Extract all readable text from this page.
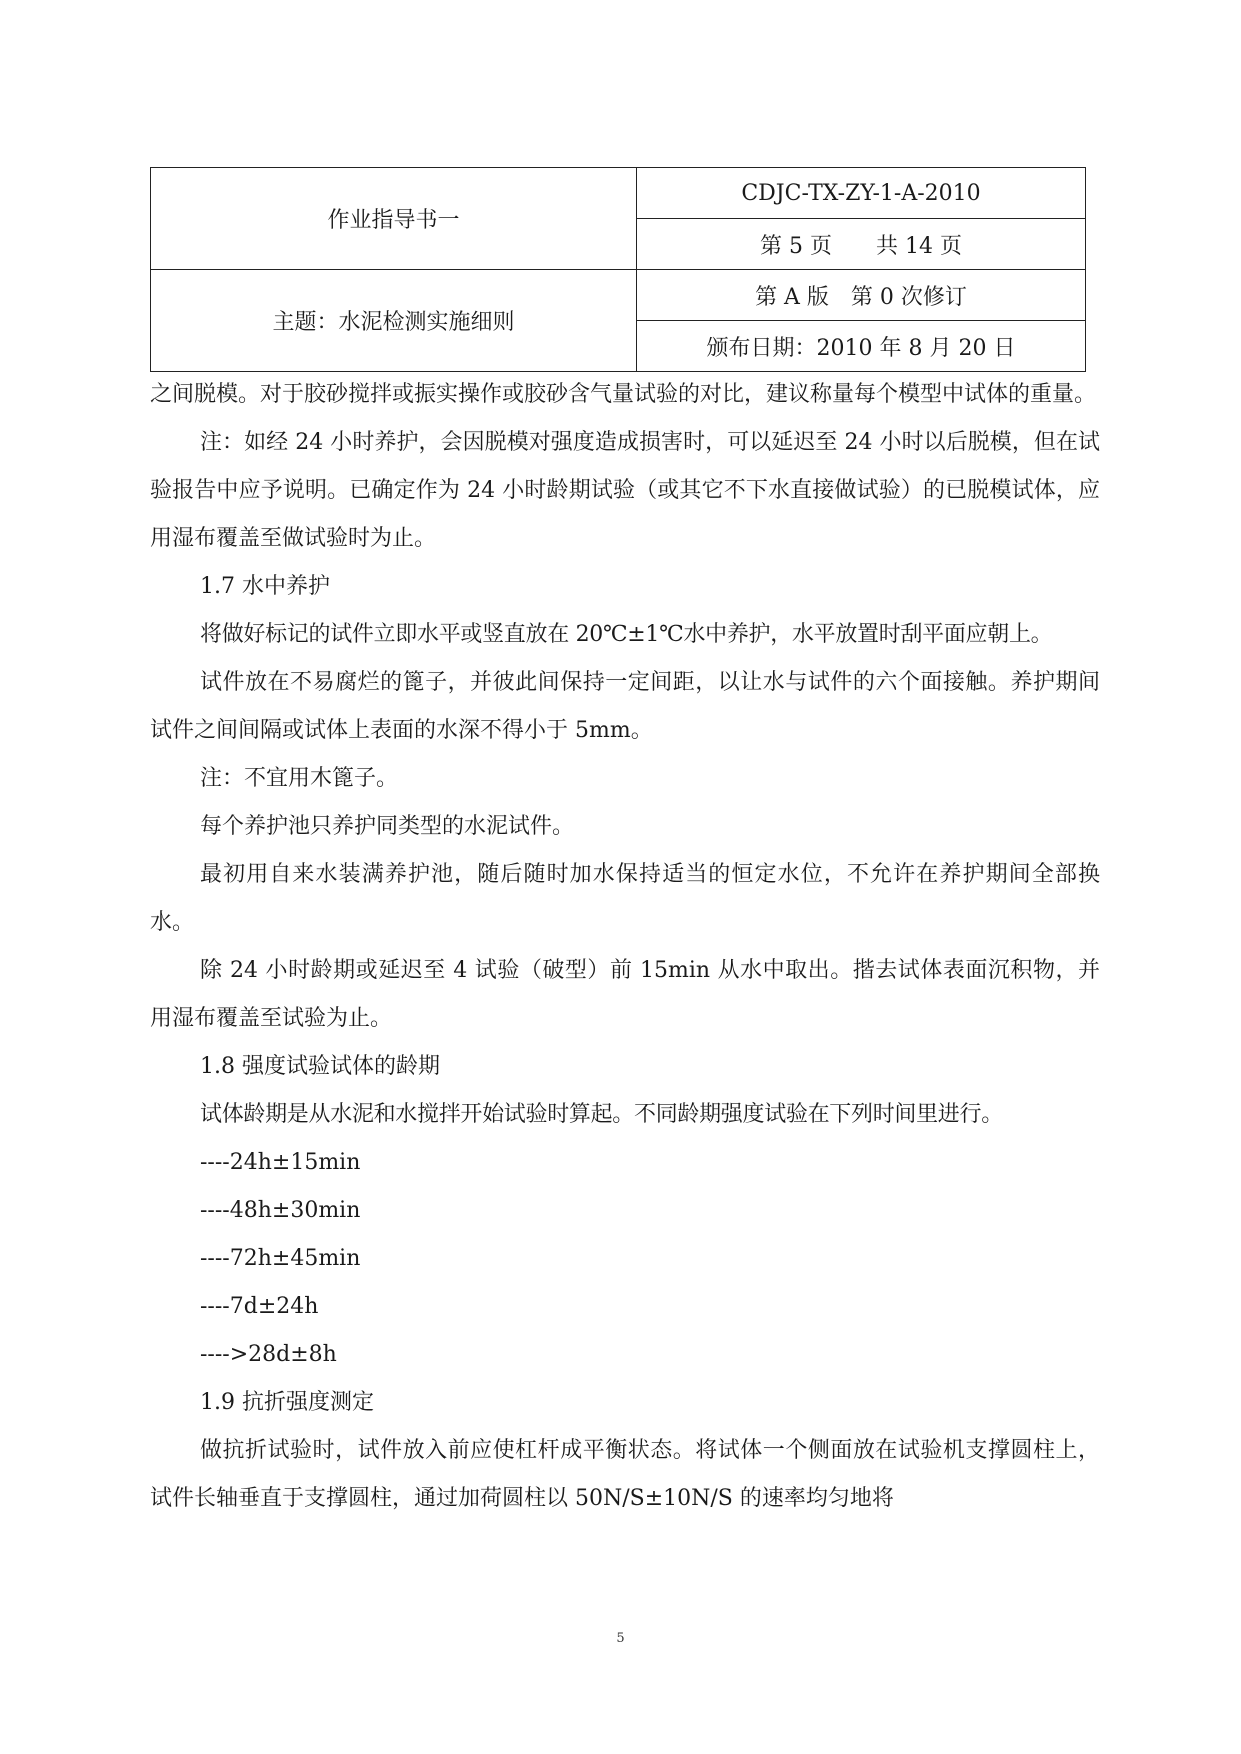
作业指导书一	CDJC-TX-ZY-1-A-2010
	第 5 页　　共 14 页
主题：水泥检测实施细则	第 A 版　第 0 次修订
	颁布日期：2010 年 8 月 20 日

之间脱模。对于胶砂搅拌或振实操作或胶砂含气量试验的对比，建议称量每个模型中试体的重量。

注：如经 24 小时养护，会因脱模对强度造成损害时，可以延迟至 24 小时以后脱模，但在试验报告中应予说明。已确定作为 24 小时龄期试验（或其它不下水直接做试验）的已脱模试体，应用湿布覆盖至做试验时为止。

1.7 水中养护

将做好标记的试件立即水平或竖直放在 20℃±1℃水中养护，水平放置时刮平面应朝上。

试件放在不易腐烂的篦子，并彼此间保持一定间距，以让水与试件的六个面接触。养护期间试件之间间隔或试体上表面的水深不得小于 5mm。

注：不宜用木篦子。

每个养护池只养护同类型的水泥试件。

最初用自来水装满养护池，随后随时加水保持适当的恒定水位，不允许在养护期间全部换水。

除 24 小时龄期或延迟至 4 试验（破型）前 15min 从水中取出。揩去试体表面沉积物，并用湿布覆盖至试验为止。

1.8 强度试验试体的龄期

试体龄期是从水泥和水搅拌开始试验时算起。不同龄期强度试验在下列时间里进行。

----24h±15min

----48h±30min

----72h±45min

----7d±24h

---->28d±8h

1.9 抗折强度测定

做抗折试验时，试件放入前应使杠杆成平衡状态。将试体一个侧面放在试验机支撑圆柱上，试件长轴垂直于支撑圆柱，通过加荷圆柱以 50N/S±10N/S 的速率均匀地将

5
